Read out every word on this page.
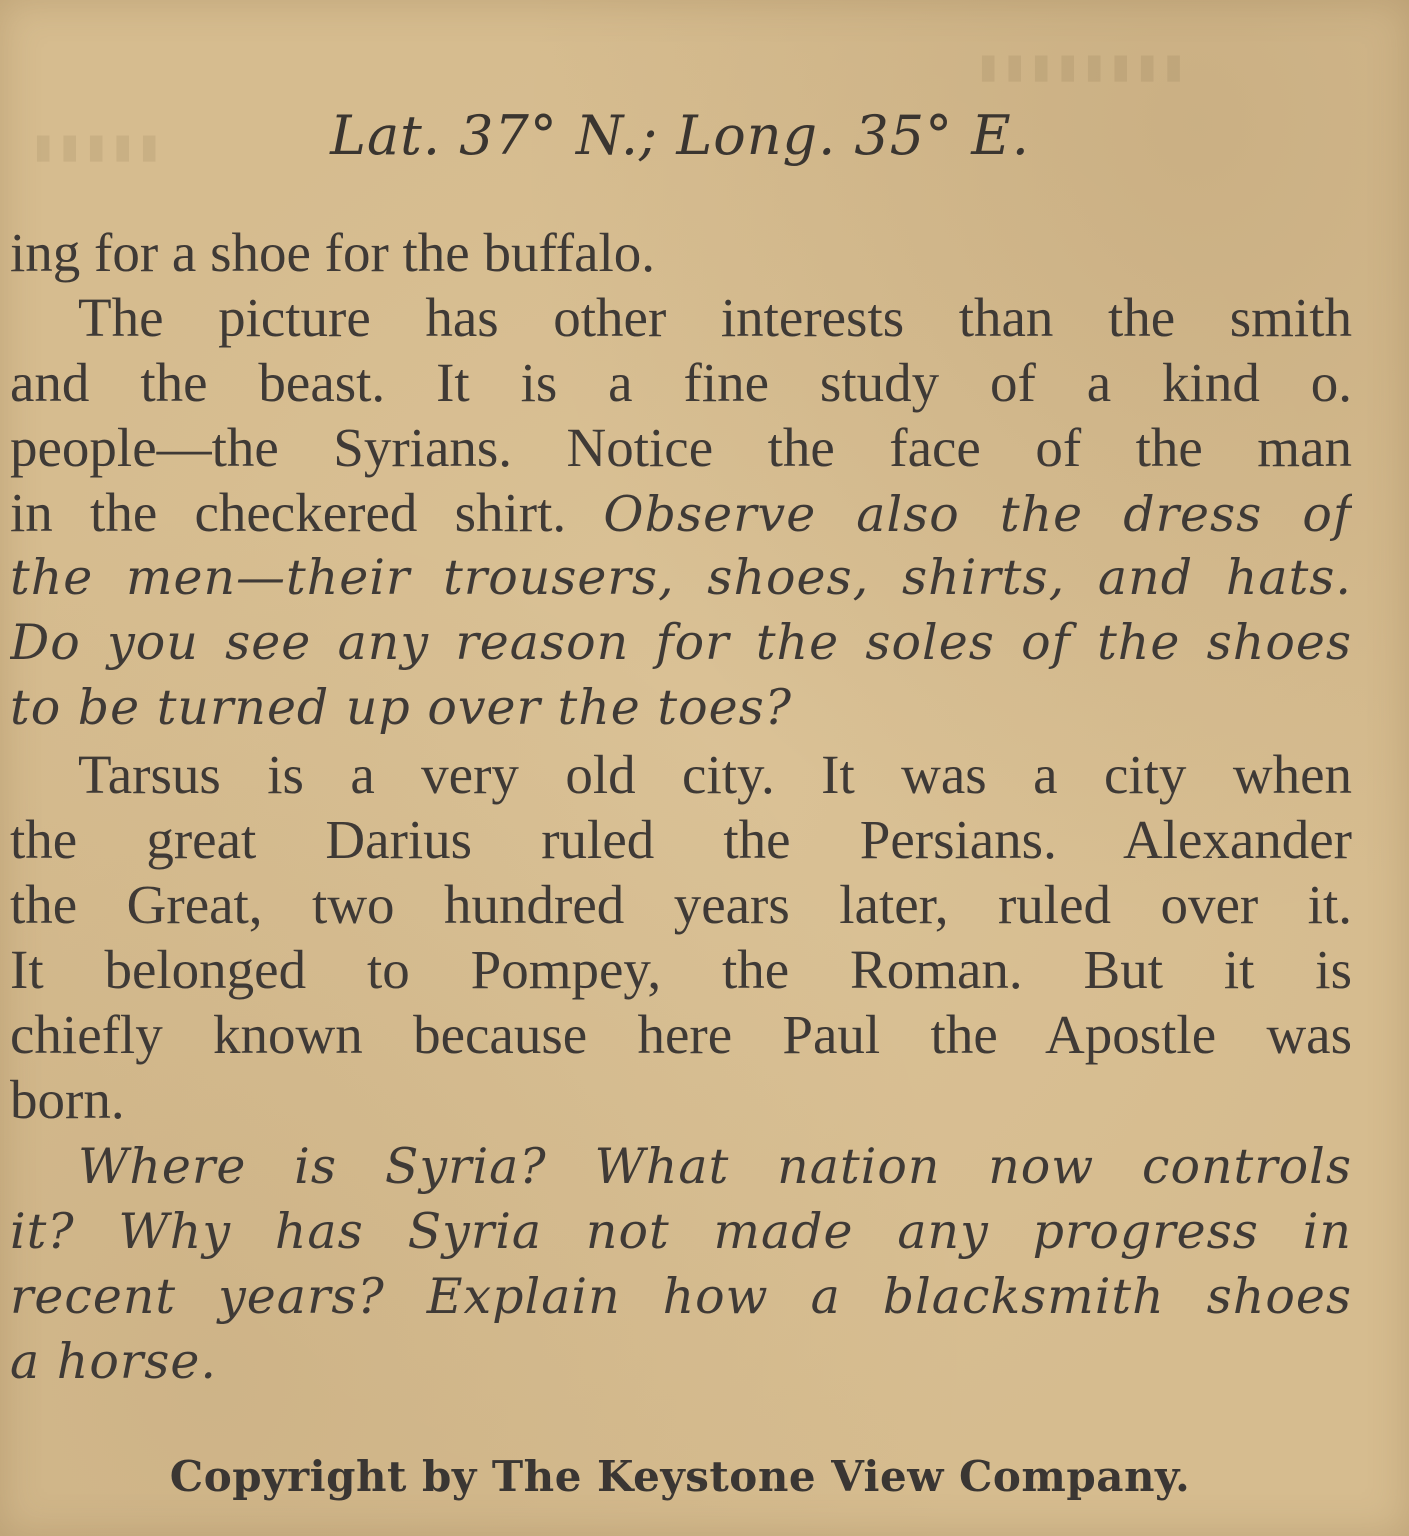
▮▮▮▮▮▮▮▮
▮▮▮▮▮	Lat. 37° N.; Long. 35° E.
ing for a shoe for the buffalo.
The picture has other interests than the smith
and the beast. It is a fine study of a kind o.
people—the Syrians. Notice the face of the man
in the checkered shirt. Observe also the dress of
the men—their trousers, shoes, shirts, and hats.
Do you see any reason for the soles of the shoes
to be turned up over the toes?
Tarsus is a very old city. It was a city when
the great Darius ruled the Persians. Alexander
the Great, two hundred years later, ruled over it.
It belonged to Pompey, the Roman. But it is
chiefly known because here Paul the Apostle was
born.
Where is Syria? What nation now controls
it? Why has Syria not made any progress in
recent years? Explain how a blacksmith shoes
a horse.
Copyright by The Keystone View Company.
